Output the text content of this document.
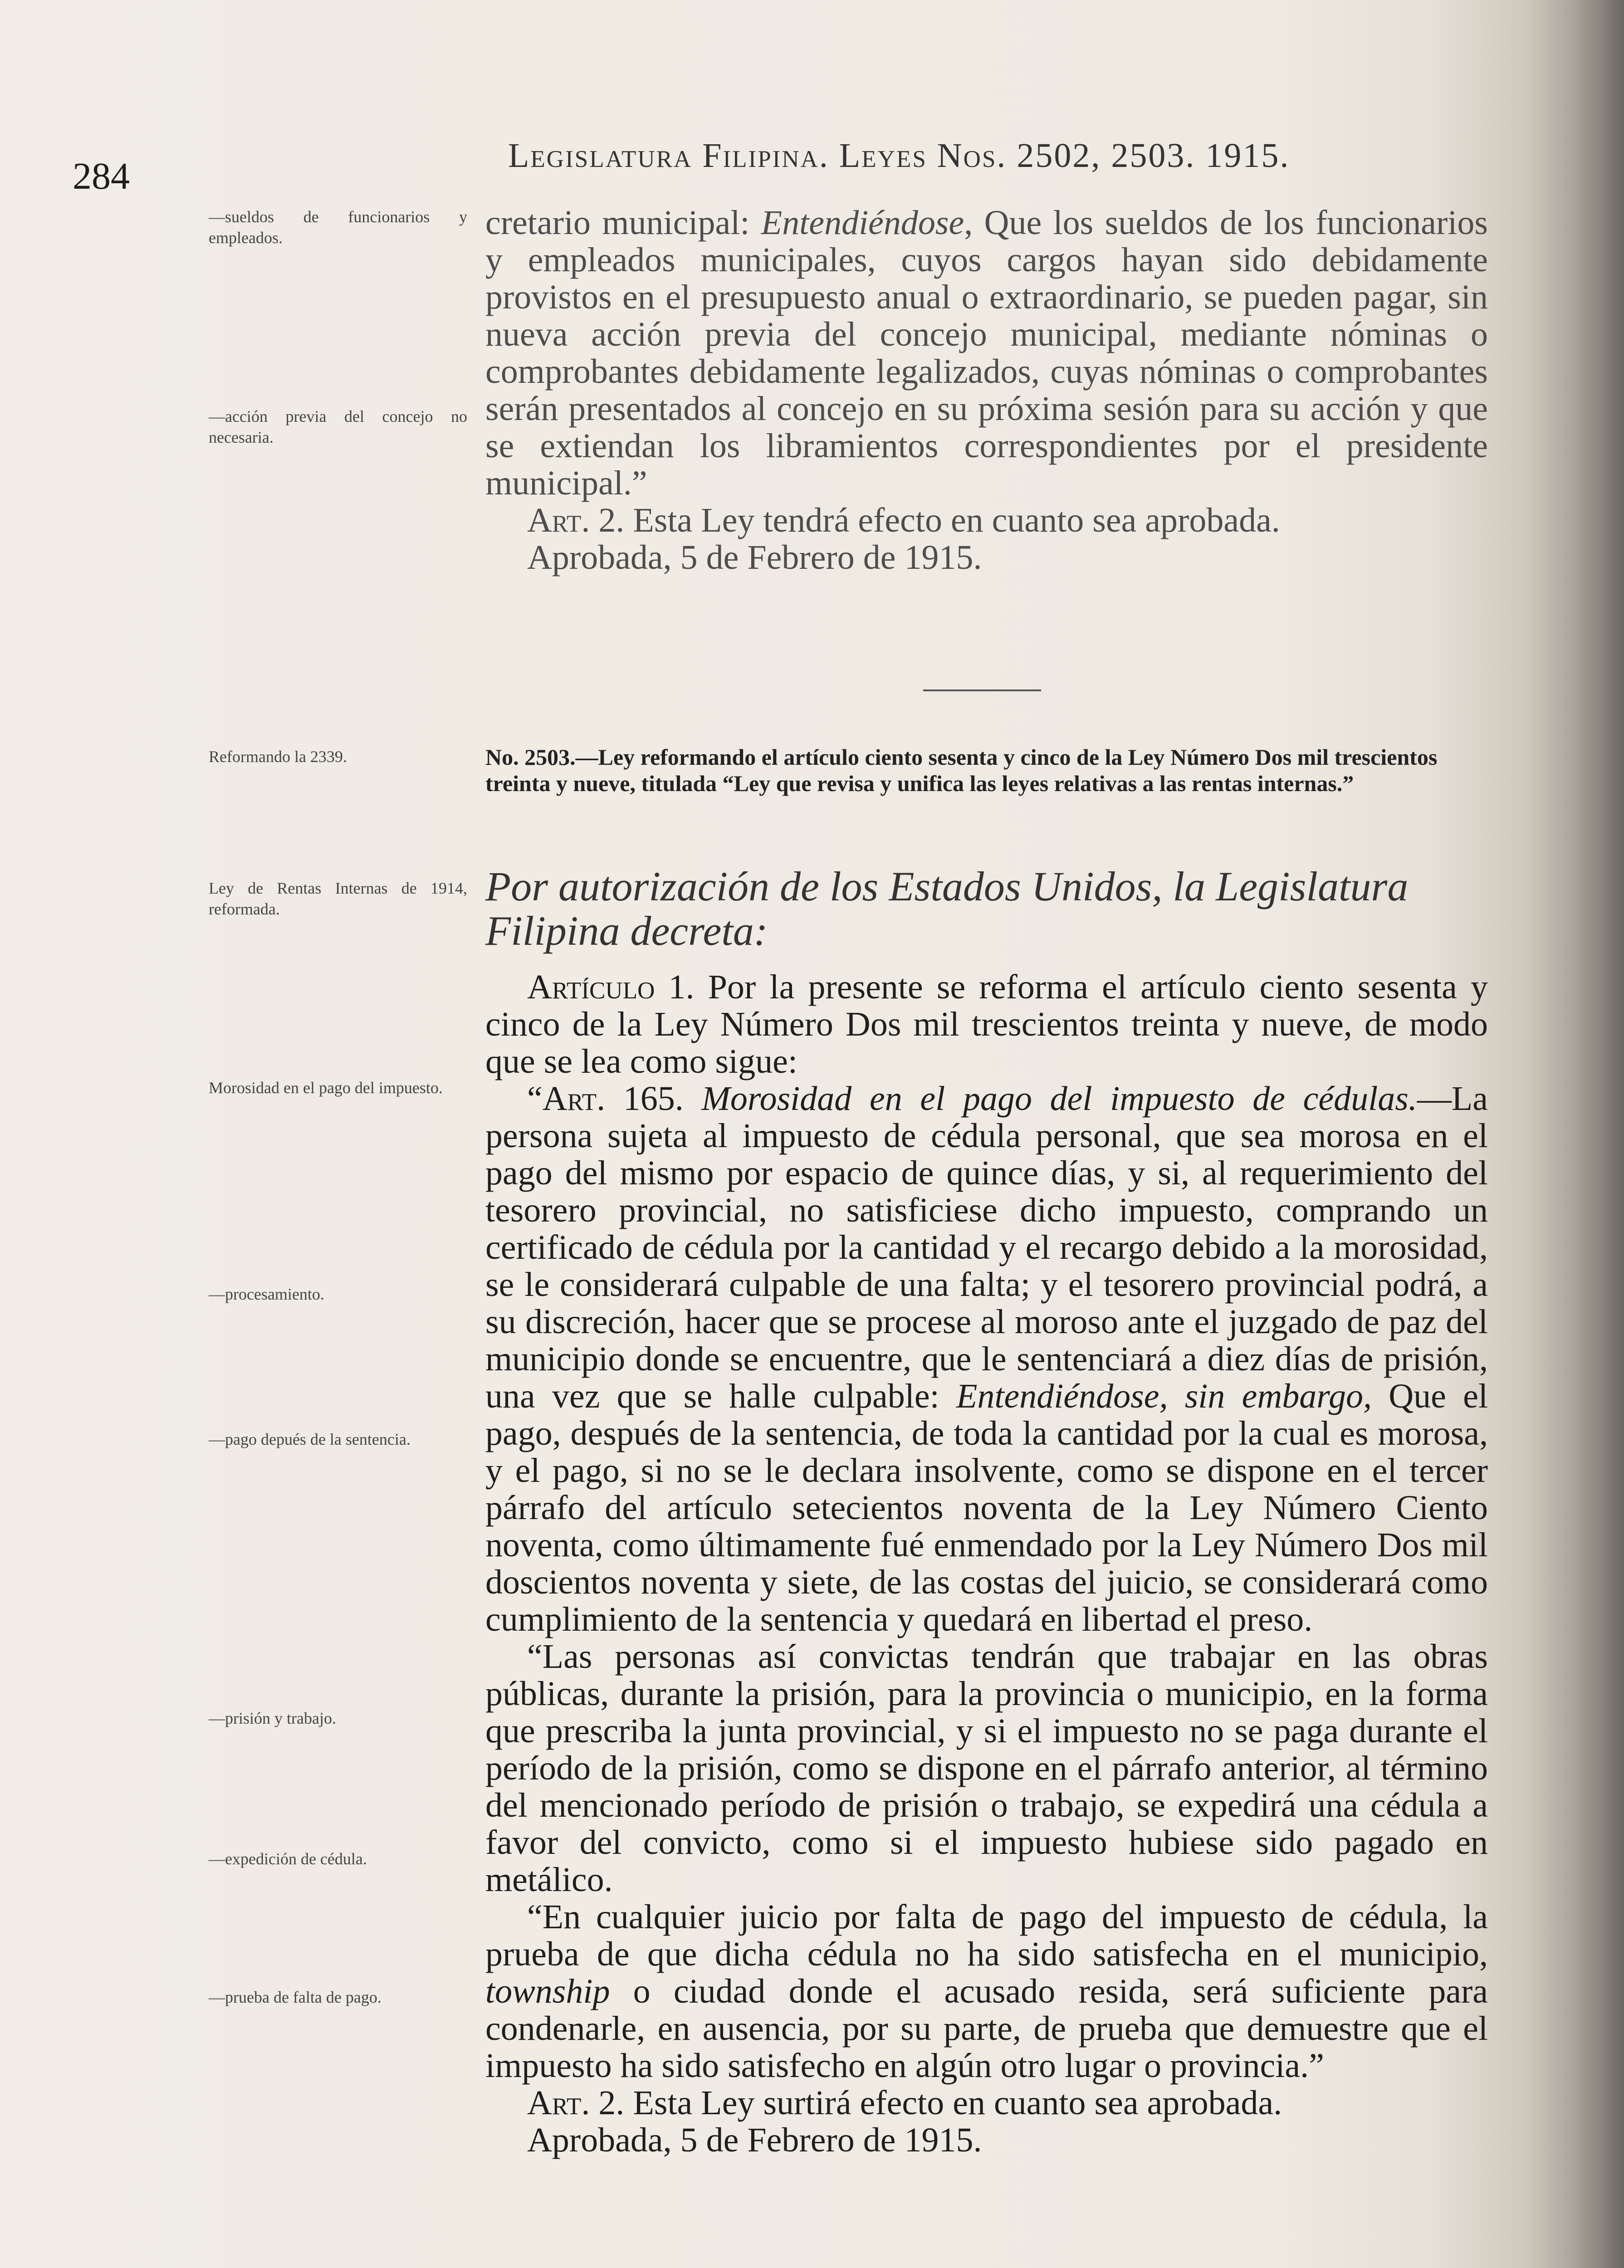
284	Legislatura Filipina. Leyes Nos. 2502, 2503. 1915.
—sueldos de funcionarios y empleados.
—acción previa del concejo no necesaria.
Reformando la 2339.
Ley de Rentas Internas de 1914, reformada.
Morosidad en el pago del impuesto.
—procesamiento.
—pago depués de la sentencia.
—prisión y trabajo.
—expedición de cédula.
—prueba de falta de pago.

cretario municipal: Entendiéndose, Que los sueldos de los funcionarios y empleados municipales, cuyos cargos hayan sido debidamente provistos en el presupuesto anual o extraordinario, se pueden pagar, sin nueva acción previa del concejo municipal, mediante nóminas o comprobantes debidamente legalizados, cuyas nóminas o comprobantes serán presentados al concejo en su próxima sesión para su acción y que se extiendan los libramientos correspondientes por el presidente municipal.”

Art. 2. Esta Ley tendrá efecto en cuanto sea aprobada.

Aprobada, 5 de Febrero de 1915.

No. 2503.—Ley reformando el artículo ciento sesenta y cinco de la Ley Número Dos mil trescientos treinta y nueve, titulada “Ley que revisa y unifica las leyes relativas a las rentas internas.”
Por autorización de los Estados Unidos, la Legislatura Filipina decreta:

Artículo 1. Por la presente se reforma el artículo ciento sesenta y cinco de la Ley Número Dos mil trescientos treinta y nueve, de modo que se lea como sigue:

“Art. 165. Morosidad en el pago del impuesto de cédulas.—La persona sujeta al impuesto de cédula personal, que sea morosa en el pago del mismo por espacio de quince días, y si, al requerimiento del tesorero provincial, no satisficiese dicho impuesto, comprando un certificado de cédula por la cantidad y el recargo debido a la morosidad, se le considerará culpable de una falta; y el tesorero provincial podrá, a su discreción, hacer que se procese al moroso ante el juzgado de paz del municipio donde se encuentre, que le sentenciará a diez días de prisión, una vez que se halle culpable: Entendiéndose, sin embargo, Que el pago, después de la sentencia, de toda la cantidad por la cual es morosa, y el pago, si no se le declara insolvente, como se dispone en el tercer párrafo del artículo setecientos noventa de la Ley Número Ciento noventa, como últimamente fué enmendado por la Ley Número Dos mil doscientos noventa y siete, de las costas del juicio, se considerará como cumplimiento de la sentencia y quedará en libertad el preso.

“Las personas así convictas tendrán que trabajar en las obras públicas, durante la prisión, para la provincia o municipio, en la forma que prescriba la junta provincial, y si el impuesto no se paga durante el período de la prisión, como se dispone en el párrafo anterior, al término del mencionado período de prisión o trabajo, se expedirá una cédula a favor del convicto, como si el impuesto hubiese sido pagado en metálico.

“En cualquier juicio por falta de pago del impuesto de cédula, la prueba de que dicha cédula no ha sido satisfecha en el municipio, township o ciudad donde el acusado resida, será suficiente para condenarle, en ausencia, por su parte, de prueba que demuestre que el impuesto ha sido satisfecho en algún otro lugar o provincia.”

Art. 2. Esta Ley surtirá efecto en cuanto sea aprobada.

Aprobada, 5 de Febrero de 1915.
